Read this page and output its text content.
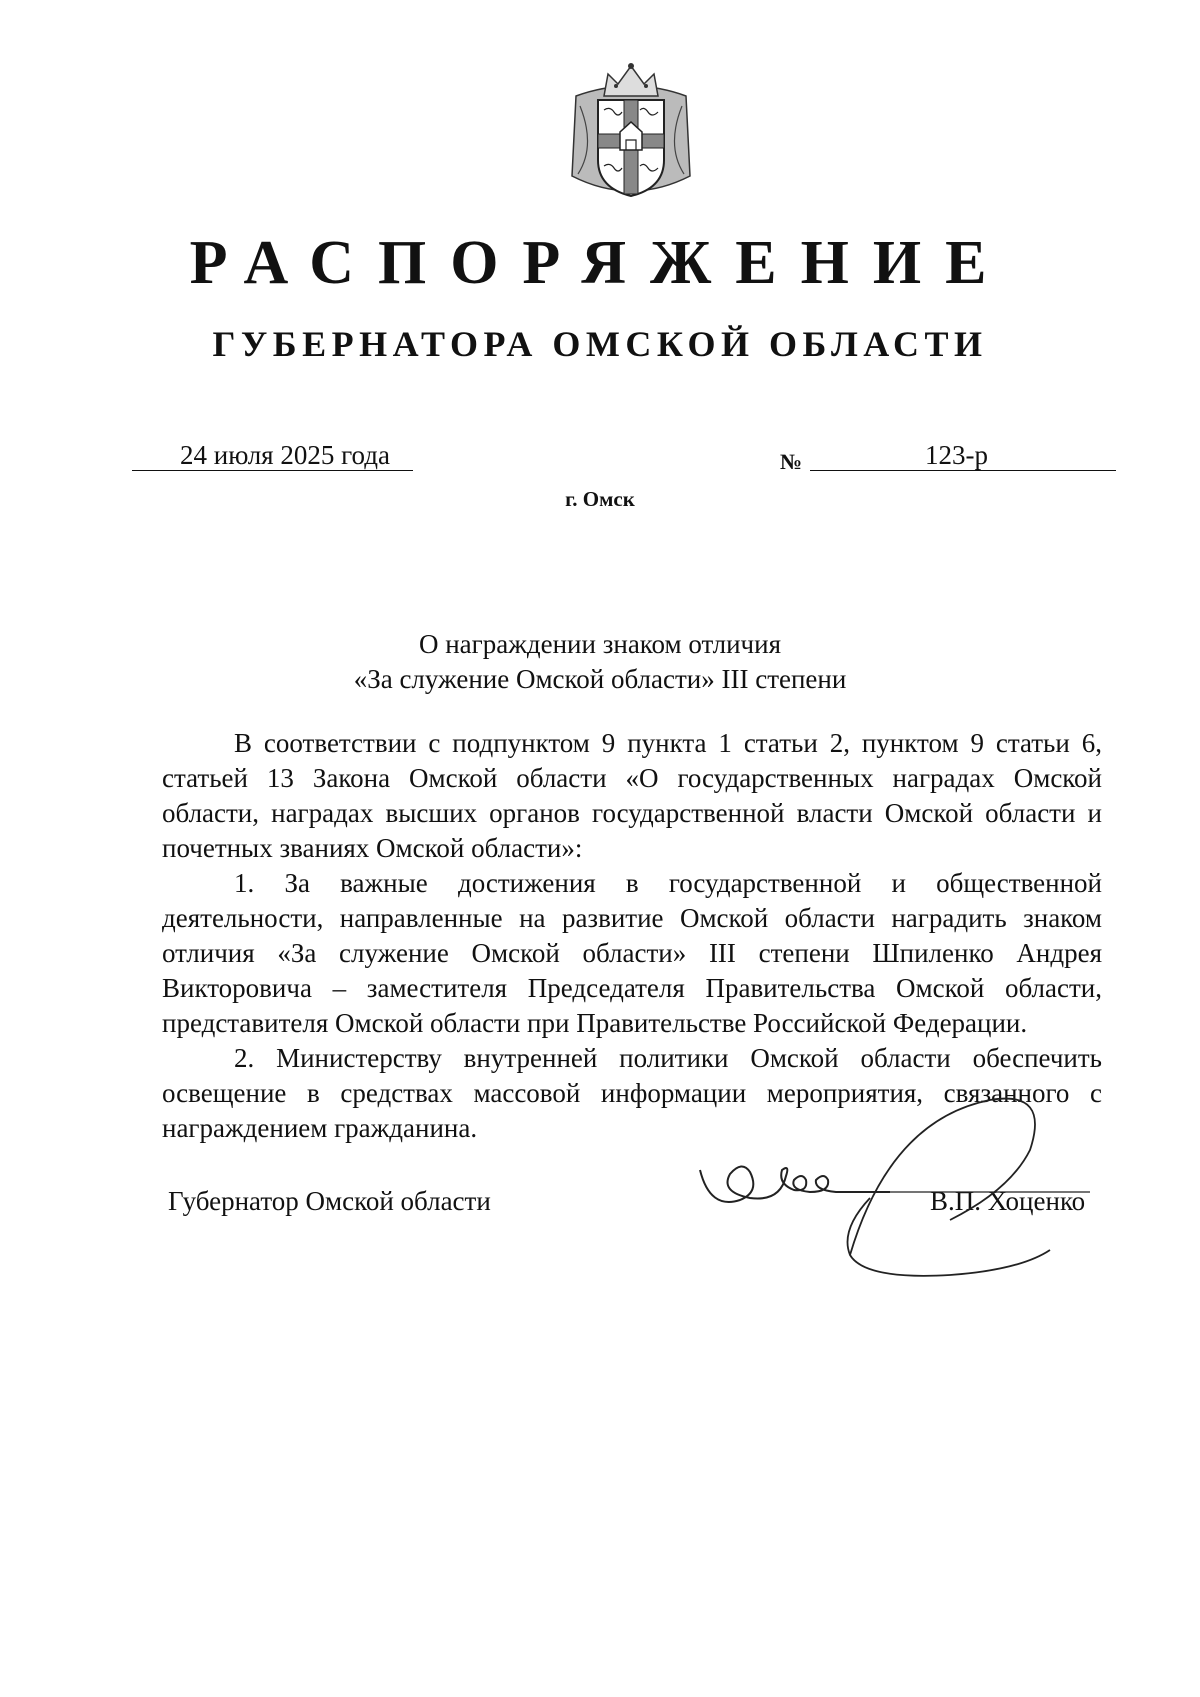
РАСПОРЯЖЕНИЕ
ГУБЕРНАТОРА ОМСКОЙ ОБЛАСТИ
24 июля 2025 года	№	123-р
г. Омск
О награждении знаком отличия
«За служение Омской области» III степени

В соответствии с подпунктом 9 пункта 1 статьи 2, пунктом 9 статьи 6, статьей 13 Закона Омской области «О государственных наградах Омской области, наградах высших органов государственной власти Омской области и почетных званиях Омской области»:

1. За важные достижения в государственной и общественной деятельности, направленные на развитие Омской области наградить знаком отличия «За служение Омской области» III степени Шпиленко Андрея Викторовича – заместителя Председателя Правительства Омской области, представителя Омской области при Правительстве Российской Федерации.

2. Министерству внутренней политики Омской области обеспечить освещение в средствах массовой информации мероприятия, связанного с награждением гражданина.

Губернатор Омской области	В.П. Хоценко
